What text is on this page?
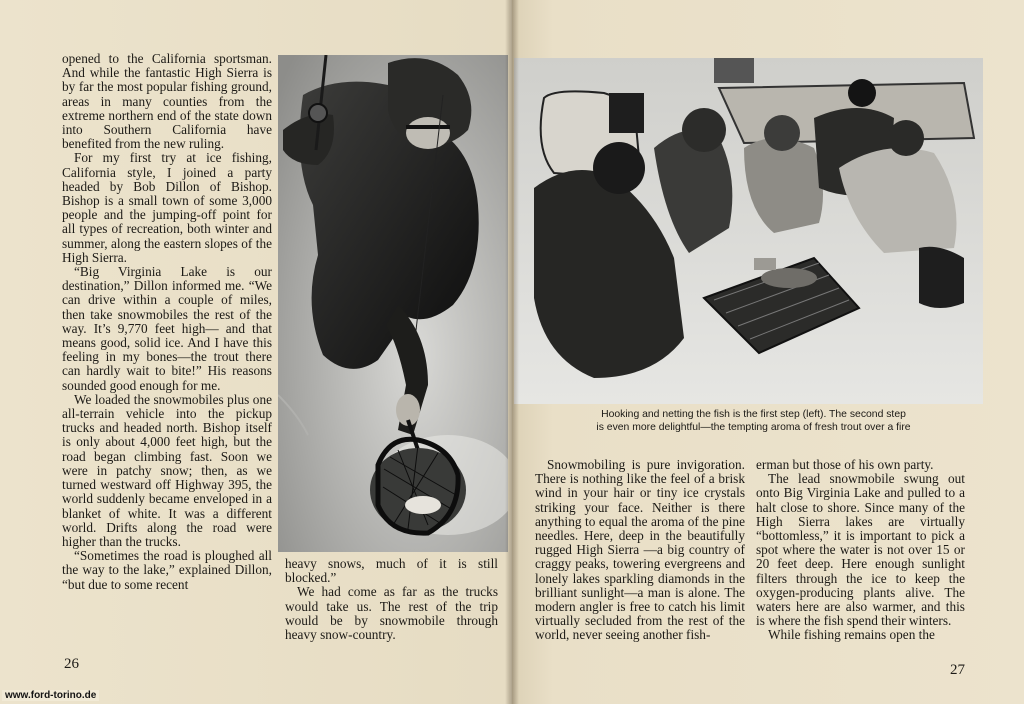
opened to the California sportsman. And while the fantastic High Sierra is by far the most popular fishing ground, areas in many counties from the extreme northern end of the state down into Southern California have benefited from the new ruling.

For my first try at ice fishing, California style, I joined a party headed by Bob Dillon of Bishop. Bishop is a small town of some 3,000 people and the jumping-off point for all types of recreation, both winter and summer, along the eastern slopes of the High Sierra.

“Big Virginia Lake is our destination,” Dillon informed me. “We can drive within a couple of miles, then take snowmobiles the rest of the way. It’s 9,770 feet high— and that means good, solid ice. And I have this feeling in my bones—the trout there can hardly wait to bite!” His reasons sounded good enough for me.

We loaded the snowmobiles plus one all-terrain vehicle into the pickup trucks and headed north. Bishop itself is only about 4,000 feet high, but the road began climbing fast. Soon we were in patchy snow; then, as we turned westward off Highway 395, the world suddenly became enveloped in a blanket of white. It was a different world. Drifts along the road were higher than the trucks.

“Sometimes the road is ploughed all the way to the lake,” explained Dillon, “but due to some recent

heavy snows, much of it is still blocked.”

We had come as far as the trucks would take us. The rest of the trip would be by snowmobile through heavy snow-country.

26
Hooking and netting the fish is the first step (left). The second step
is even more delightful—the tempting aroma of fresh trout over a fire

Snowmobiling is pure invigoration. There is nothing like the feel of a brisk wind in your hair or tiny ice crystals striking your face. Neither is there anything to equal the aroma of the pine needles. Here, deep in the beautifully rugged High Sierra —a big country of craggy peaks, towering evergreens and lonely lakes sparkling diamonds in the brilliant sunlight—a man is alone. The modern angler is free to catch his limit virtually secluded from the rest of the world, never seeing another fish-

erman but those of his own party.

The lead snowmobile swung out onto Big Virginia Lake and pulled to a halt close to shore. Since many of the High Sierra lakes are virtually “bottomless,” it is important to pick a spot where the water is not over 15 or 20 feet deep. Here enough sunlight filters through the ice to keep the oxygen-producing plants alive. The waters here are also warmer, and this is where the fish spend their winters.

While fishing remains open the

27
www.ford-torino.de
